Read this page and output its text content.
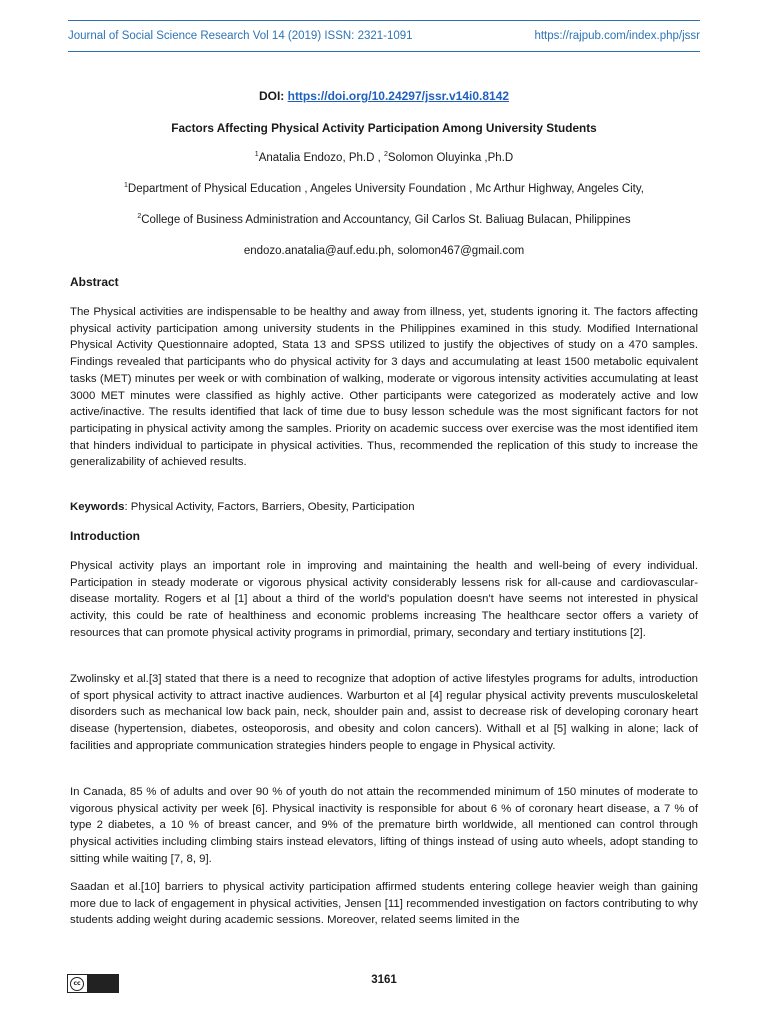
Journal of Social Science Research Vol 14 (2019) ISSN: 2321-1091	https://rajpub.com/index.php/jssr
DOI: https://doi.org/10.24297/jssr.v14i0.8142
Factors Affecting Physical Activity Participation Among University Students
$^1$Anatalia Endozo, Ph.D , $^2$Solomon Oluyinka ,Ph.D
$^1$Department of Physical Education , Angeles University Foundation , Mc Arthur Highway, Angeles City,
$^2$College of Business Administration and Accountancy, Gil Carlos St. Baliuag Bulacan, Philippines
endozo.anatalia@auf.edu.ph, solomon467@gmail.com
Abstract

The Physical activities are indispensable to be healthy and away from illness, yet, students ignoring it. The factors affecting physical activity participation among university students in the Philippines examined in this study. Modified International Physical Activity Questionnaire adopted, Stata 13 and SPSS utilized to justify the objectives of study on a 470 samples. Findings revealed that participants who do physical activity for 3 days and accumulating at least 1500 metabolic equivalent tasks (MET) minutes per week or with combination of walking, moderate or vigorous intensity activities accumulating at least 3000 MET minutes were classified as highly active. Other participants were categorized as moderately active and low active/inactive. The results identified that lack of time due to busy lesson schedule was the most significant factors for not participating in physical activity among the samples. Priority on academic success over exercise was the most identified item that hinders individual to participate in physical activities. Thus, recommended the replication of this study to increase the generalizability of achieved results.

Keywords: Physical Activity, Factors, Barriers, Obesity, Participation

Introduction

Physical activity plays an important role in improving and maintaining the health and well-being of every individual. Participation in steady moderate or vigorous physical activity considerably lessens risk for all-cause and cardiovascular-disease mortality. Rogers et al [1] about a third of the world's population doesn't have seems not interested in physical activity, this could be rate of healthiness and economic problems increasing The healthcare sector offers a variety of resources that can promote physical activity programs in primordial, primary, secondary and tertiary institutions [2].

Zwolinsky et al.[3] stated that there is a need to recognize that adoption of active lifestyles programs for adults, introduction of sport physical activity to attract inactive audiences. Warburton et al [4] regular physical activity prevents musculoskeletal disorders such as mechanical low back pain, neck, shoulder pain and, assist to decrease risk of developing coronary heart disease (hypertension, diabetes, osteoporosis, and obesity and colon cancers). Withall et al [5] walking in alone; lack of facilities and appropriate communication strategies hinders people to engage in Physical activity.

In Canada, 85 % of adults and over 90 % of youth do not attain the recommended minimum of 150 minutes of moderate to vigorous physical activity per week [6]. Physical inactivity is responsible for about 6 % of coronary heart disease, a 7 % of type 2 diabetes, a 10 % of breast cancer, and 9% of the premature birth worldwide, all mentioned can control through physical activities including climbing stairs instead elevators, lifting of things instead of using auto wheels, adopt standing to sitting while waiting [7, 8, 9].

Saadan et al.[10] barriers to physical activity participation affirmed students entering college heavier weigh than gaining more due to lack of engagement in physical activities, Jensen [11] recommended investigation on factors contributing to why students adding weight during academic sessions. Moreover, related seems limited in the

cc	3161
